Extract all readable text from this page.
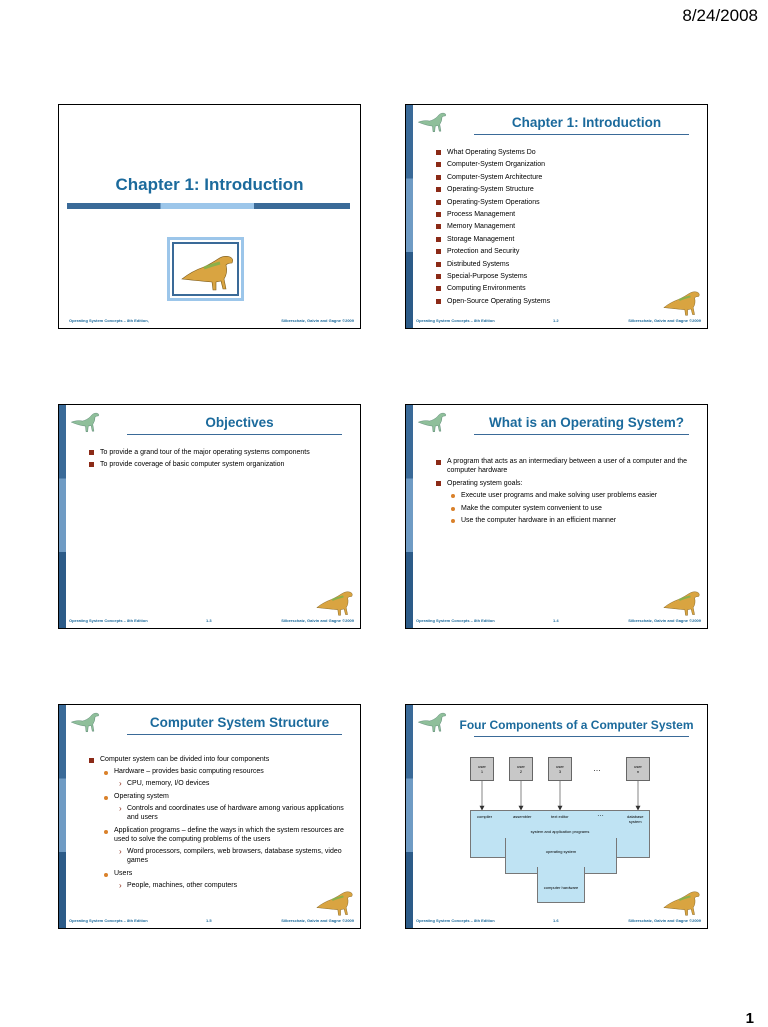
8/24/2008
Chapter 1: Introduction
Operating System Concepts – 8th Edition,	Silberschatz, Galvin and Gagne ©2009
Chapter 1: Introduction
What Operating Systems Do
Computer-System Organization
Computer-System Architecture
Operating-System Structure
Operating-System Operations
Process Management
Memory Management
Storage Management
Protection and Security
Distributed Systems
Special-Purpose Systems
Computing Environments
Open-Source Operating Systems
Operating System Concepts – 8th Edition	1.2	Silberschatz, Galvin and Gagne ©2009
Objectives
To provide a grand tour of the major operating systems components
To provide coverage of basic computer system organization
Operating System Concepts – 8th Edition	1.3	Silberschatz, Galvin and Gagne ©2009
What is an Operating System?
A program that acts as an intermediary between a user of a computer and the computer hardware
Operating system goals:
Execute user programs and make solving user problems easier
Make the computer system convenient to use
Use the computer hardware in an efficient manner
Operating System Concepts – 8th Edition	1.4	Silberschatz, Galvin and Gagne ©2009
Computer System Structure
Computer system can be divided into four components
Hardware – provides basic computing resources
› CPU, memory, I/O devices
Operating system
› Controls and coordinates use of hardware among various applications and users
Application programs – define the ways in which the system resources are used to solve the computing problems of the users
› Word processors, compilers, web browsers, database systems, video games
Users
› People, machines, other computers
Operating System Concepts – 8th Edition	1.5	Silberschatz, Galvin and Gagne ©2009
Four Components of a Computer System
user
1
user
2
user
3	…	user
n
compiler	assembler	text editor	…	database
system
system and application programs
operating system
computer hardware
Operating System Concepts – 8th Edition	1.6	Silberschatz, Galvin and Gagne ©2009
1
